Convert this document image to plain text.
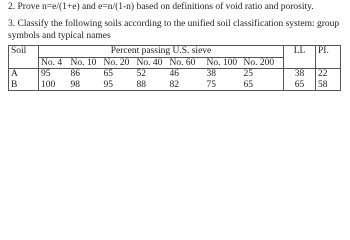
2. Prove n=e/(1+e) and e=n/(1-n) based on definitions of void ratio and porosity.
3. Classify the following soils according to the unified soil classification system: group symbols and typical names
Soil	Percent passing U.S. sieve							LL	PI.
	No. 4	No. 10	No. 20	No. 40	No. 60	No. 100	No. 200		
A	95	86	65	52	46	38	25	38	22
B	100	98	95	88	82	75	65	65	58
